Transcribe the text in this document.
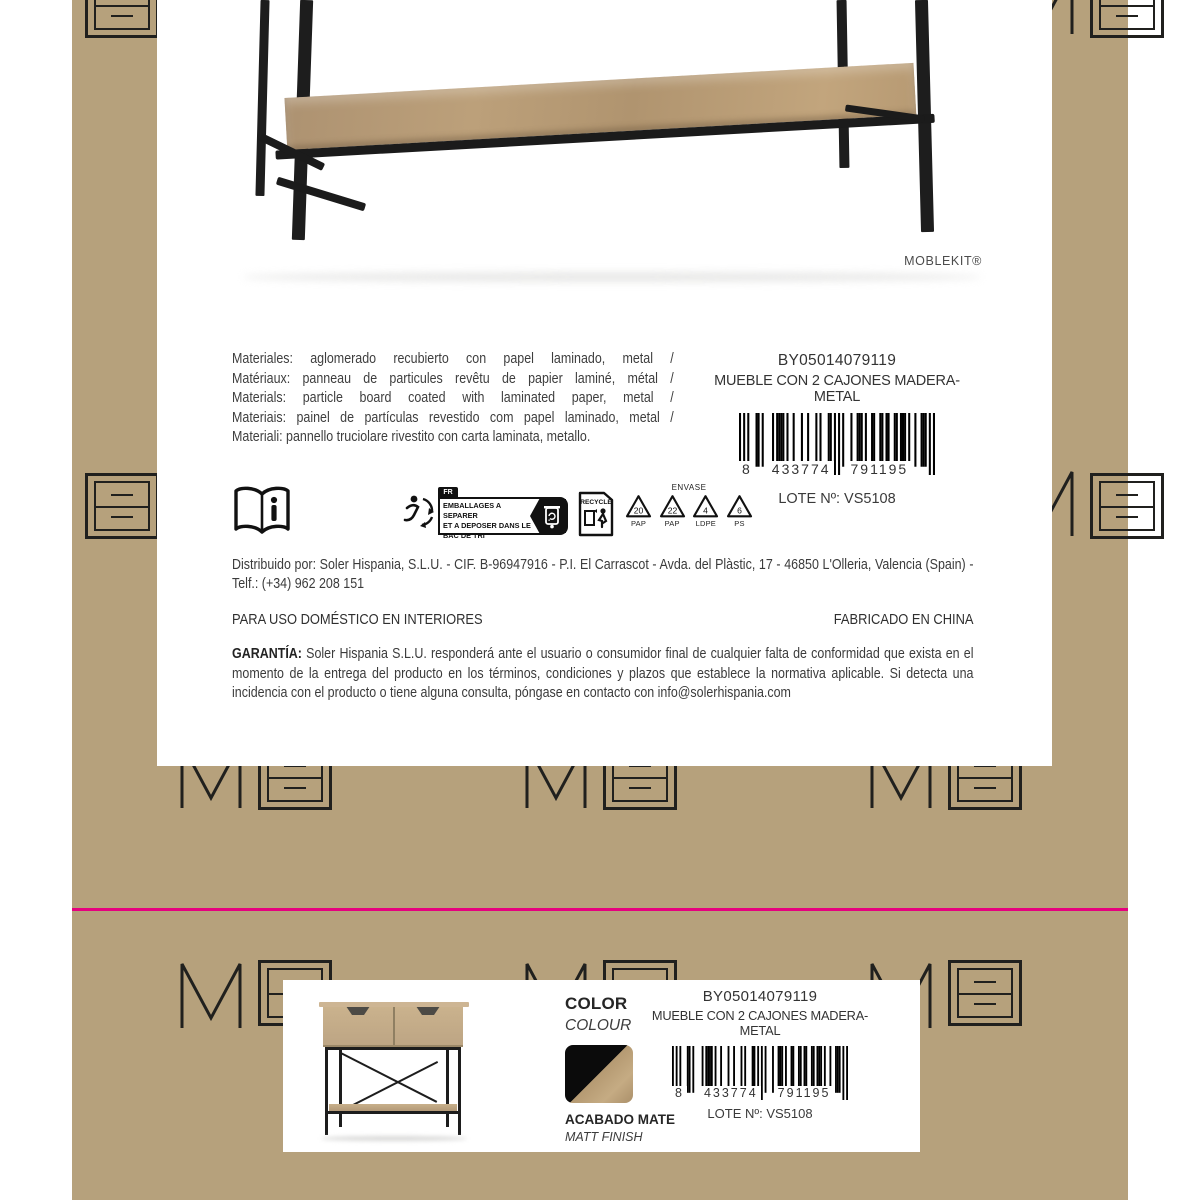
MOBLEKIT®
Materiales: aglomerado recubierto con papel laminado, metal /
Matériaux: panneau de particules revêtu de papier laminé, métal /
Materials: particle board coated with laminated paper, metal /
Materiais: painel de partículas revestido com papel laminado, metal /
Materiali: pannello truciolare rivestito con carta laminata, metallo.
BY05014079119
MUEBLE CON 2 CAJONES MADERA-METAL
8 433774 791195
LOTE Nº: VS5108
FR
EMBALLAGES A SEPARER
ET A DEPOSER DANS LE
BAC DE TRI
RECYCLE
ENVASE
20
PAP
22
PAP
4
LDPE
6
PS
Distribuido por: Soler Hispania, S.L.U. - CIF. B-96947916 - P.I. El Carrascot - Avda. del Plàstic, 17 - 46850 L'Olleria, Valencia (Spain) - Telf.: (+34) 962 208 151
PARA USO DOMÉSTICO EN INTERIORES	FABRICADO EN CHINA
GARANTÍA: Soler Hispania S.L.U. responderá ante el usuario o consumidor final de cualquier falta de conformidad que exista en el momento de la entrega del producto en los términos, condiciones y plazos que establece la normativa aplicable. Si detecta una incidencia con el producto o tiene alguna consulta, póngase en contacto con info@solerhispania.com
COLOR
COLOUR
ACABADO MATE
MATT FINISH
BY05014079119
MUEBLE CON 2 CAJONES MADERA-METAL
8 433774 791195
LOTE Nº: VS5108
